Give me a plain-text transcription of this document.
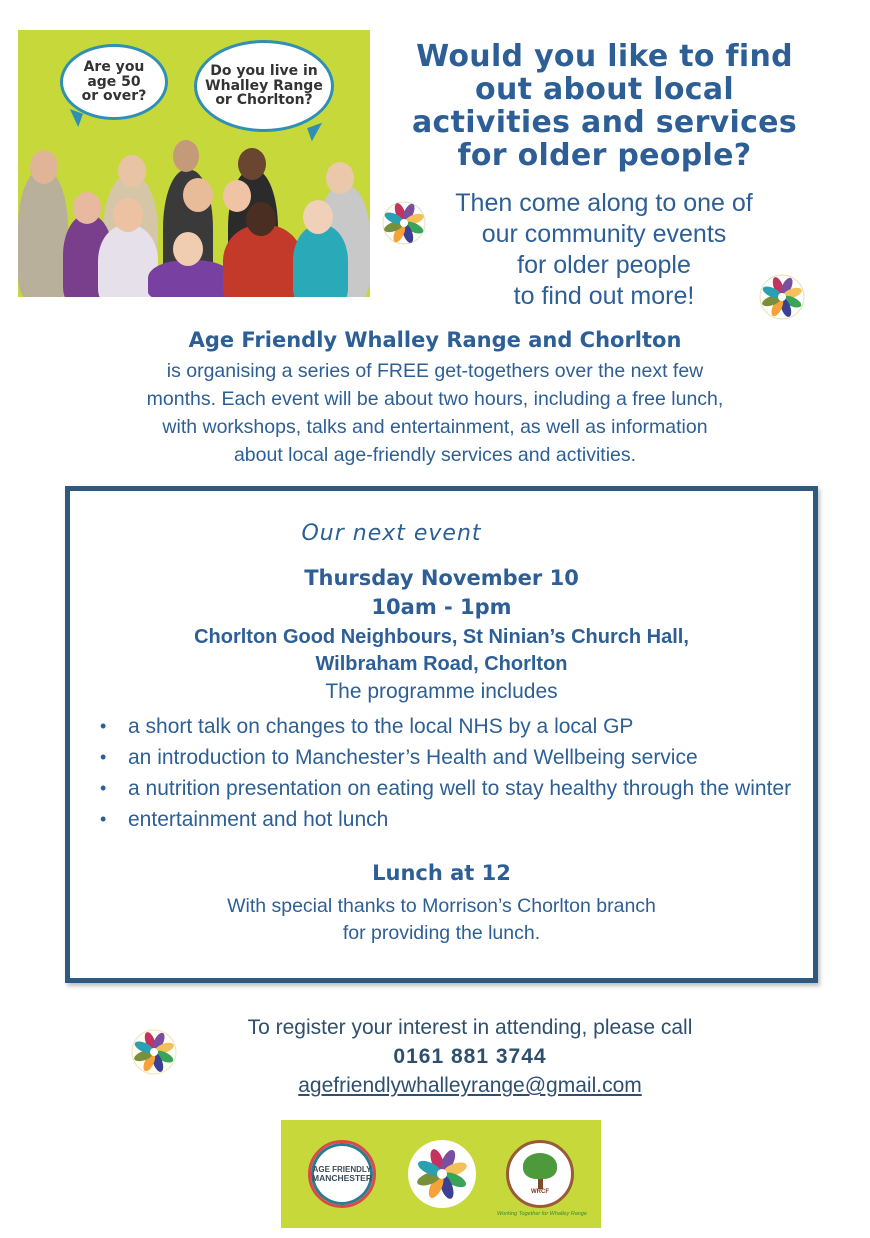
Are you
age 50
or over?
Do you live in
Whalley Range
or Chorlton?
Would you like to find
out about local
activities and services
for older people?
Then come along to one of
our community events
for older people
to find out more!
Age Friendly Whalley Range and Chorlton
is organising a series of FREE get-togethers over the next few
months. Each event will be about two hours, including a free lunch,
with workshops, talks and entertainment, as well as information
about local age-friendly services and activities.
Our next event
Thursday November 10
10am - 1pm
Chorlton Good Neighbours, St Ninian’s Church Hall,
Wilbraham Road, Chorlton
The programme includes
• a short talk on changes to the local NHS by a local GP
• an introduction to Manchester’s Health and Wellbeing service
• a nutrition presentation on eating well to stay healthy through the winter
• entertainment and hot lunch
Lunch at 12
With special thanks to Morrison’s Chorlton branch
for providing the lunch.
To register your interest in attending, please call
0161 881 3744
agefriendlywhalleyrange@gmail.com
AGE FRIENDLY
MANCHESTER
WRCF
Working Together for Whalley Range
